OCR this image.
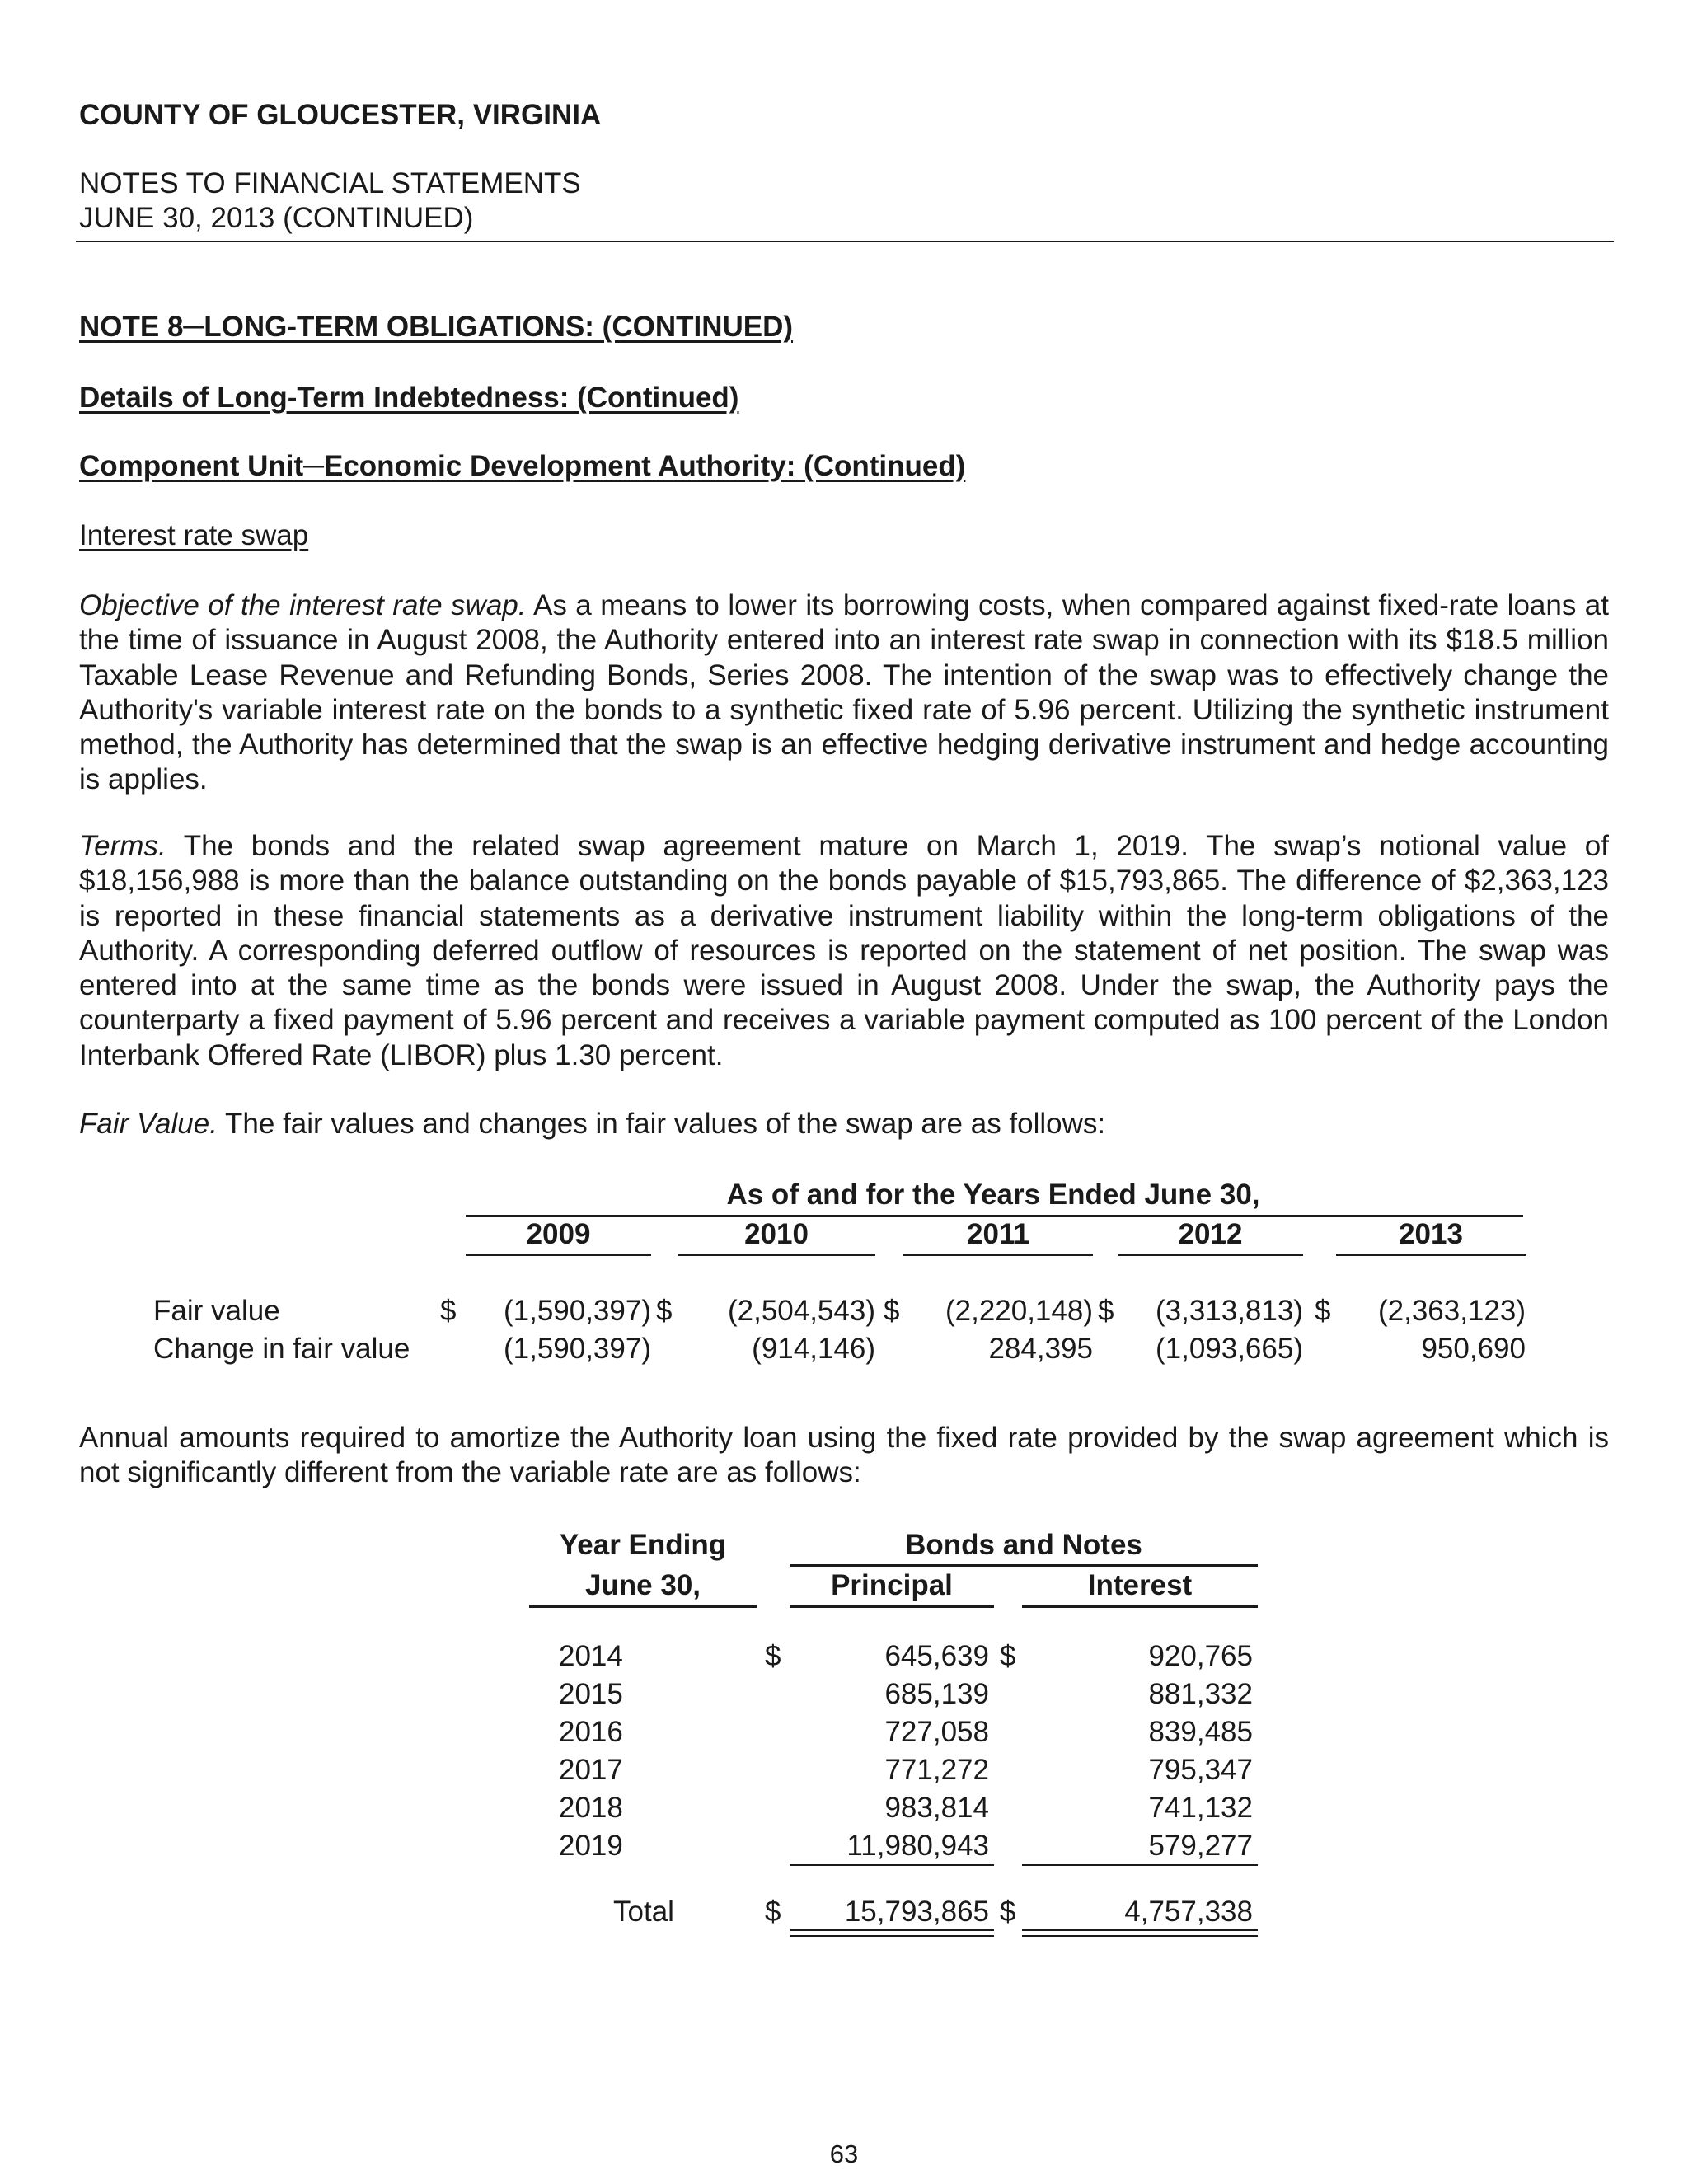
COUNTY OF GLOUCESTER, VIRGINIA
NOTES TO FINANCIAL STATEMENTS
JUNE 30, 2013 (CONTINUED)
NOTE 8─LONG-TERM OBLIGATIONS: (CONTINUED)
Details of Long-Term Indebtedness: (Continued)
Component Unit─Economic Development Authority: (Continued)
Interest rate swap

Objective of the interest rate swap. As a means to lower its borrowing costs, when compared against fixed-rate loans at the time of issuance in August 2008, the Authority entered into an interest rate swap in connection with its $18.5 million Taxable Lease Revenue and Refunding Bonds, Series 2008. The intention of the swap was to effectively change the Authority's variable interest rate on the bonds to a synthetic fixed rate of 5.96 percent. Utilizing the synthetic instrument method, the Authority has determined that the swap is an effective hedging derivative instrument and hedge accounting is applies.

Terms. The bonds and the related swap agreement mature on March 1, 2019. The swap’s notional value of $18,156,988 is more than the balance outstanding on the bonds payable of $15,793,865. The difference of $2,363,123 is reported in these financial statements as a derivative instrument liability within the long-term obligations of the Authority. A corresponding deferred outflow of resources is reported on the statement of net position. The swap was entered into at the same time as the bonds were issued in August 2008. Under the swap, the Authority pays the counterparty a fixed payment of 5.96 percent and receives a variable payment computed as 100 percent of the London Interbank Offered Rate (LIBOR) plus 1.30 percent.

Fair Value. The fair values and changes in fair values of the swap are as follows:

As of and for the Years Ended June 30,
2009	2010	2011	2012	2013
Fair value	$	(1,590,397) $	(2,504,543) $	(2,220,148) $	(3,313,813) $	(2,363,123)
Change in fair value	(1,590,397)	(914,146)	284,395	(1,093,665)	950,690

Annual amounts required to amortize the Authority loan using the fixed rate provided by the swap agreement which is not significantly different from the variable rate are as follows:

Year Ending
June 30,
Bonds and Notes
Principal	Interest
$	$
2014	645,639	920,765
2015	685,139	881,332
2016	727,058	839,485
2017	771,272	795,347
2018	983,814	741,132
2019	11,980,943	579,277
Total	$	15,793,865 $	4,757,338
63
